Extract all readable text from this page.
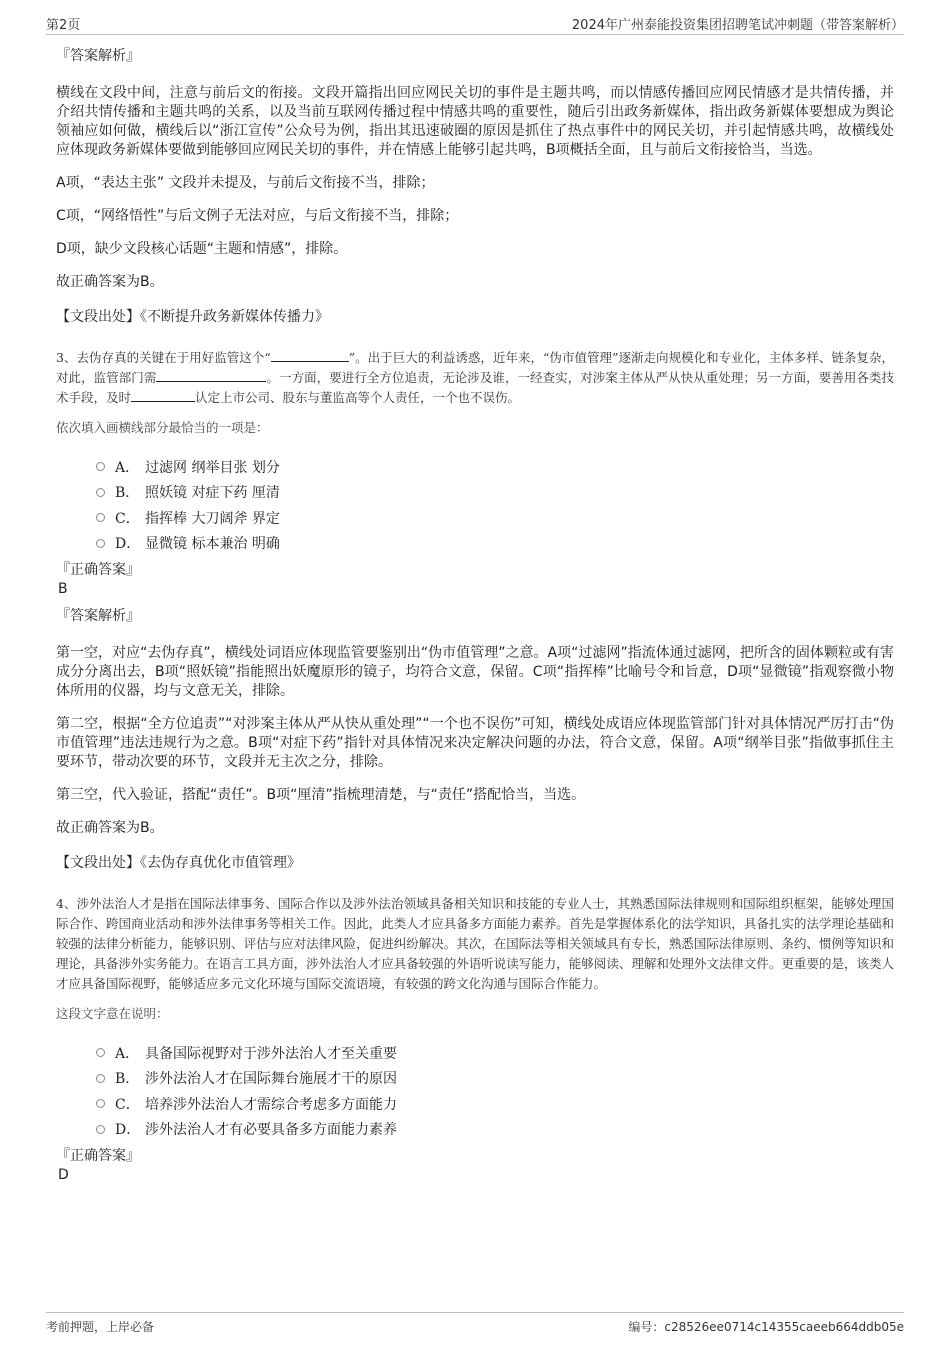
第2页	2024年广州泰能投资集团招聘笔试冲刺题（带答案解析）
『答案解析』

横线在文段中间，注意与前后文的衔接。文段开篇指出回应网民关切的事件是主题共鸣，而以情感传播回应网民情感才是共情传播，并介绍共情传播和主题共鸣的关系，以及当前互联网传播过程中情感共鸣的重要性，随后引出政务新媒体，指出政务新媒体要想成为舆论领袖应如何做，横线后以“浙江宣传”公众号为例，指出其迅速破圈的原因是抓住了热点事件中的网民关切，并引起情感共鸣，故横线处应体现政务新媒体要做到能够回应网民关切的事件，并在情感上能够引起共鸣，B项概括全面，且与前后文衔接恰当，当选。

A项，“表达主张” 文段并未提及，与前后文衔接不当，排除；

C项，“网络悟性”与后文例子无法对应，与后文衔接不当，排除；

D项，缺少文段核心话题“主题和情感”，排除。

故正确答案为B。

【文段出处】《不断提升政务新媒体传播力》

3、去伪存真的关键在于用好监管这个“	”。出于巨大的利益诱惑，近年来，“伪市值管理”逐渐走向规模化和专业化，主体多样、链条复杂，对此，监管部门需	。一方面，要进行全方位追责，无论涉及谁，一经查实，对涉案主体从严从快从重处理；另一方面，要善用各类技术手段，及时	认定上市公司、股东与董监高等个人责任，一个也不误伤。

依次填入画横线部分最恰当的一项是：

A． 过滤网 纲举目张 划分
B． 照妖镜 对症下药 厘清
C． 指挥棒 大刀阔斧 界定
D． 显微镜 标本兼治 明确
『正确答案』
B
『答案解析』

第一空，对应“去伪存真”，横线处词语应体现监管要鉴别出“伪市值管理”之意。A项“过滤网”指流体通过滤网，把所含的固体颗粒或有害成分分离出去，B项“照妖镜”指能照出妖魔原形的镜子，均符合文意，保留。C项“指挥棒”比喻号令和旨意，D项“显微镜”指观察微小物体所用的仪器，均与文意无关，排除。

第二空，根据“全方位追责”“对涉案主体从严从快从重处理”“一个也不误伤”可知，横线处成语应体现监管部门针对具体情况严厉打击“伪市值管理”违法违规行为之意。B项“对症下药”指针对具体情况来决定解决问题的办法，符合文意，保留。A项“纲举目张”指做事抓住主要环节，带动次要的环节，文段并无主次之分，排除。

第三空，代入验证，搭配“责任”。B项“厘清”指梳理清楚，与“责任”搭配恰当，当选。

故正确答案为B。

【文段出处】《去伪存真优化市值管理》

4、涉外法治人才是指在国际法律事务、国际合作以及涉外法治领域具备相关知识和技能的专业人士，其熟悉国际法律规则和国际组织框架，能够处理国际合作、跨国商业活动和涉外法律事务等相关工作。因此，此类人才应具备多方面能力素养。首先是掌握体系化的法学知识，具备扎实的法学理论基础和较强的法律分析能力，能够识别、评估与应对法律风险，促进纠纷解决。其次，在国际法等相关领域具有专长，熟悉国际法律原则、条约、惯例等知识和理论，具备涉外实务能力。在语言工具方面，涉外法治人才应具备较强的外语听说读写能力，能够阅读、理解和处理外文法律文件。更重要的是，该类人才应具备国际视野，能够适应多元文化环境与国际交流语境，有较强的跨文化沟通与国际合作能力。

这段文字意在说明：

A． 具备国际视野对于涉外法治人才至关重要
B． 涉外法治人才在国际舞台施展才干的原因
C． 培养涉外法治人才需综合考虑多方面能力
D． 涉外法治人才有必要具备多方面能力素养
『正确答案』
D
考前押题，上岸必备	编号：c28526ee0714c14355caeeb664ddb05e
